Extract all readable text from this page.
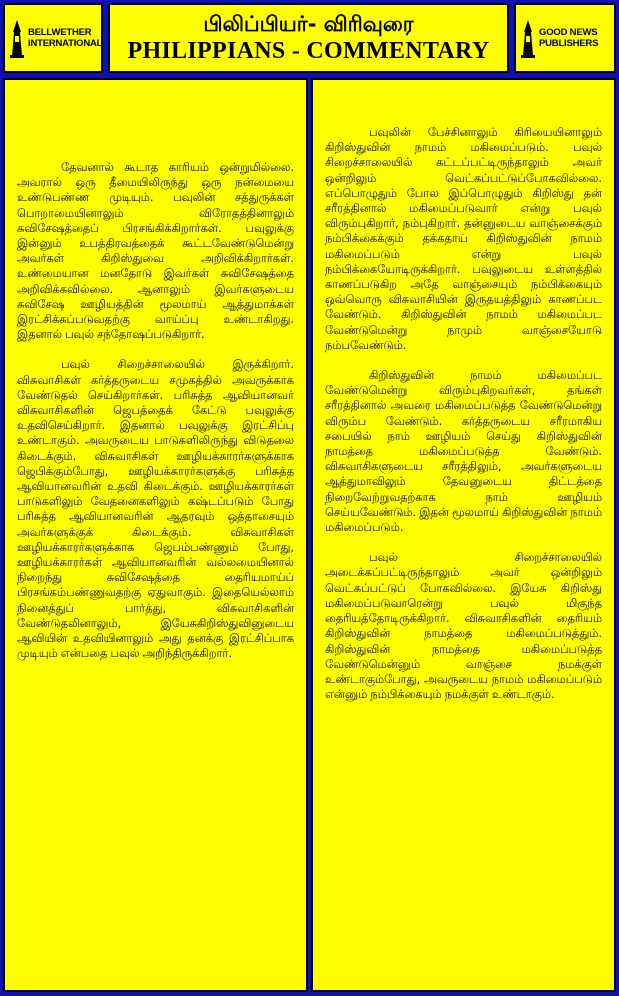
BELLWETHER
INTERNATIONAL
பிலிப்பியர்- விரிவுரை
PHILIPPIANS - COMMENTARY
GOOD NEWS
PUBLISHERS

தேவனால் கூடாத காரியம் ஒன்றுமில்லை. அவரால் ஒரு தீமையிலிருந்து ஒரு நன்மையை உண்டுபண்ண முடியும். பவுலின் சத்துருக்கள் பொறாமையினாலும் விரோதத்தினாலும் சுவிசேஷத்தைப் பிரசங்கிக்கிறார்கள். பவுலுக்கு இன்னும் உபத்திரவத்தைக் கூட்டவேண்டுமென்று அவர்கள் கிறிஸ்துவை அறிவிக்கிறார்கள். உண்மையான மனதோடு இவர்கள் சுவிசேஷத்தை அறிவிக்கவில்லை. ஆனாலும் இவர்களுடைய சுவிசேஷ ஊழியத்தின் மூலமாய் ஆத்துமாக்கள் இரட்சிக்கப்படுவதற்கு வாய்ப்பு உண்டாகிறது. இதனால் பவுல் சந்தோஷப்படுகிறார்.

பவுல் சிறைச்சாலையில் இருக்கிறார். விசுவாசிகள் கர்த்தருடைய சமுகத்தில் அவருக்காக வேண்டுதல் செய்கிறார்கள். பரிசுத்த ஆவியானவர் விசுவாசிகளின் ஜெபத்தைக் கேட்டு பவுலுக்கு உதவிசெய்கிறார். இதனால் பவுலுக்கு இரட்சிப்பு உண்டாகும். அவருடைய பாடுகளிலிருந்து விடுதலை கிடைக்கும். விசுவாசிகள் ஊழியக்காரர்களுக்காக ஜெபிக்கும்போது, ஊழியக்காரர்களுக்கு பரிசுத்த ஆவியானவரின் உதவி கிடைக்கும். ஊழியக்காரர்கள் பாடுகளிலும் வேதனைகளிலும் கஷ்டப்படும் போது பரிசுத்த ஆவியானவரின் ஆதரவும் ஒத்தாசையும் அவர்களுக்குக் கிடைக்கும். விசுவாசிகள் ஊழியக்காரர்களுக்காக ஜெபம்பண்ணும் போது, ஊழியக்காரர்கள் ஆவியானவரின் வல்லமையினால் நிறைந்து சுவிசேஷத்தை தைரியமாய்ப் பிரசங்கம்பண்ணுவதற்கு ஏதுவாகும். இதையெல்லாம் நினைத்துப் பார்த்து, விசுவாசிகளின் வேண்டுதலினாலும், இயேசுகிறிஸ்துவினுடைய ஆவியின் உதவியினாலும் அது தனக்கு இரட்சிப்பாக முடியும் என்பதை பவுல் அறிந்திருக்கிறார்.

பவுலின் பேச்சினாலும் கிரியையினாலும் கிறிஸ்துவின் நாமம் மகிமைப்படும். பவுல் சிறைச்சாலையில் கட்டப்பட்டிருந்தாலும் அவர் ஒன்றிலும் வெட்கப்பட்டுப்போகவில்லை. எப்பொழுதும் போல இப்பொழுதும் கிறிஸ்து தன் சரீரத்தினால் மகிமைப்படுவார் என்று பவுல் விரும்புகிறார், நம்புகிறார். தன்னுடைய வாஞ்சைக்கும் நம்பிக்கைக்கும் தக்கதாய் கிறிஸ்துவின் நாமம் மகிமைப்படும் என்று பவுல் நம்பிக்கையோடிருக்கிறார். பவுலுடைய உள்ளத்தில் காணப்படுகிற அதே வாஞ்சையும் நம்பிக்கையும் ஒவ்வொரு விசுவாசியின் இருதயத்திலும் காணப்பட வேண்டும். கிறிஸ்துவின் நாமம் மகிமைப்பட வேண்டுமென்று நாமும் வாஞ்சையோடு நம்பவேண்டும்.

கிறிஸ்துவின் நாமம் மகிமைப்பட வேண்டுமென்று விரும்புகிறவர்கள், தங்கள் சரீரத்தினால் அவரை மகிமைப்படுத்த வேண்டுமென்று விரும்ப வேண்டும். கர்த்தருடைய சரீரமாகிய சபையில் நாம் ஊழியம் செய்து கிறிஸ்துவின் நாமத்தை மகிமைப்படுத்த வேண்டும். விசுவாசிகளுடைய சரீரத்திலும், அவர்களுடைய ஆத்துமாவிலும் தேவனுடைய திட்டத்தை நிறைவேற்றுவதற்காக நாம் ஊழியம் செய்யவேண்டும். இதன் மூலமாய் கிறிஸ்துவின் நாமம் மகிமைப்படும்.

பவுல் சிறைச்சாலையில் அடைக்கப்பட்டிருந்தாலும் அவர் ஒன்றிலும் வெட்கப்பட்டுப் போகவில்லை. இயேசு கிறிஸ்து மகிமைப்படுவாரென்று பவுல் மிகுந்த தைரியத்தோடிருக்கிறார். விசுவாசிகளின் தைரியம் கிறிஸ்துவின் நாமத்தை மகிமைப்படுத்தும். கிறிஸ்துவின் நாமத்தை மகிமைப்படுத்த வேண்டுமென்னும் வாஞ்சை நமக்குள் உண்டாகும்போது, அவருடைய நாமம் மகிமைப்படும் என்னும் நம்பிக்கையும் நமக்குள் உண்டாகும்.
